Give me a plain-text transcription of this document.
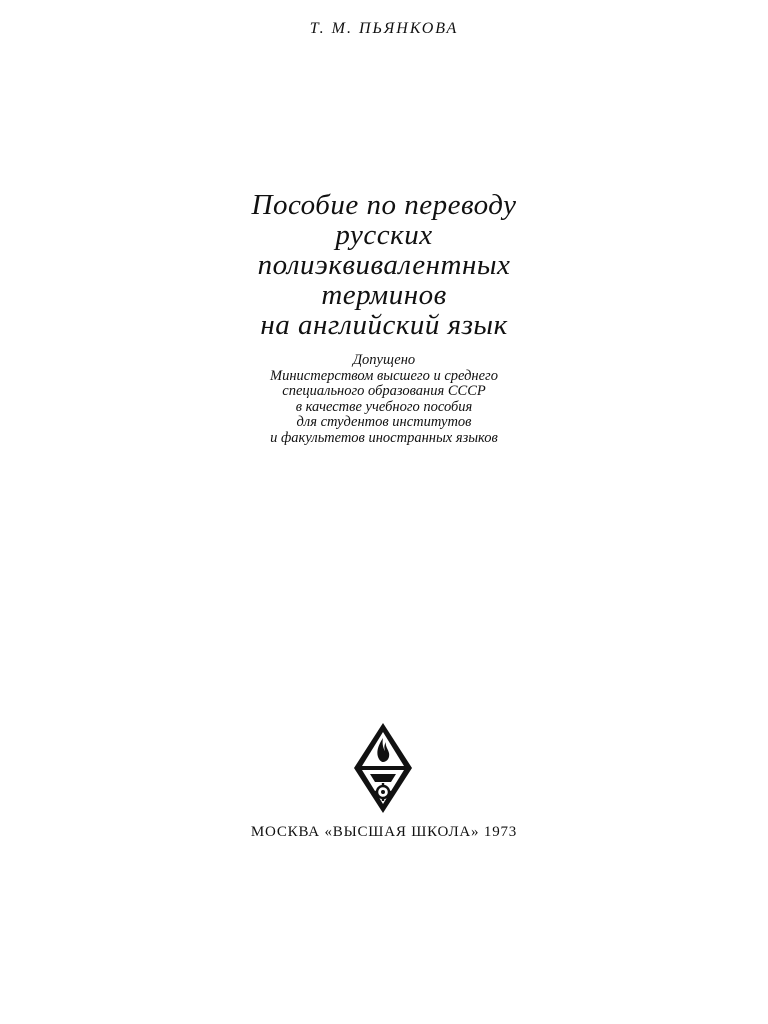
Т. М. ПЬЯНКОВА
Пособие по переводу
русских
полиэквивалентных
терминов
на английский язык
Допущено
Министерством высшего и среднего
специального образования СССР
в качестве учебного пособия
для студентов институтов
и факультетов иностранных языков
МОСКВА «ВЫСШАЯ ШКОЛА» 1973
